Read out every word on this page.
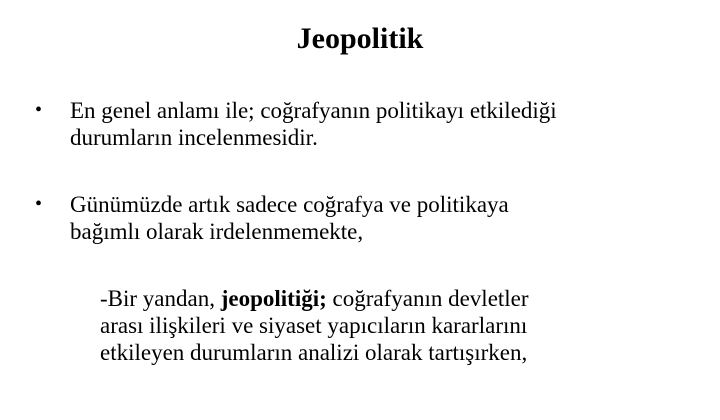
Jeopolitik
•	En genel anlamı ile; coğrafyanın politikayı etkilediği
durumların incelenmesidir.
•	Günümüzde artık sadece coğrafya ve politikaya
bağımlı olarak irdelenmemekte,
-Bir yandan, jeopolitiği; coğrafyanın devletler
arası ilişkileri ve siyaset yapıcıların kararlarını
etkileyen durumların analizi olarak tartışırken,
